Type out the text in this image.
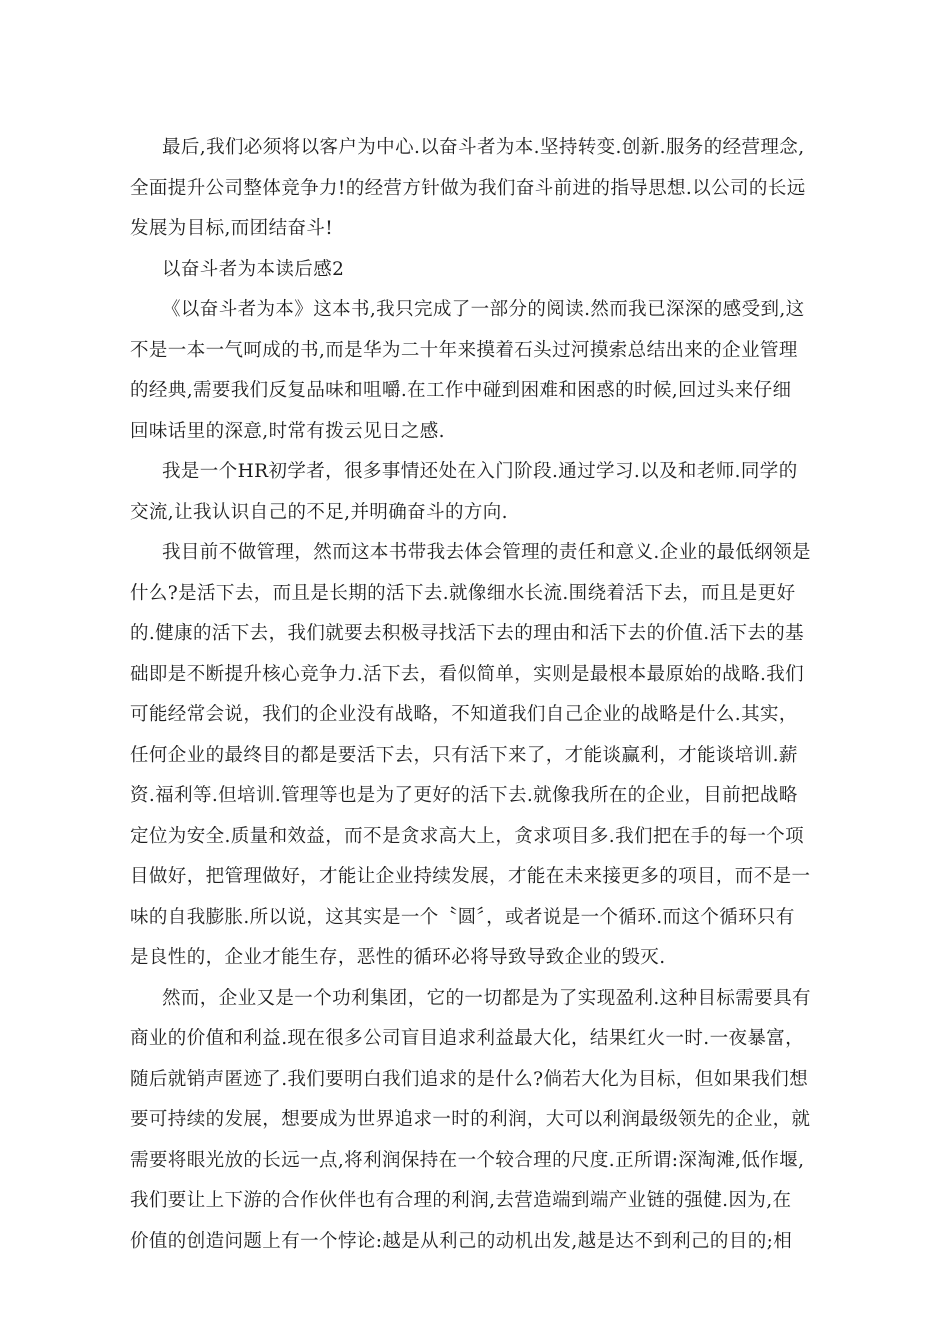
最后,我们必须将以客户为中心.以奋斗者为本.坚持转变.创新.服务的经营理念,
全面提升公司整体竞争力!的经营方针做为我们奋斗前进的指导思想.以公司的长远
发展为目标,而团结奋斗!
以奋斗者为本读后感2
《以奋斗者为本》这本书,我只完成了一部分的阅读.然而我已深深的感受到,这
不是一本一气呵成的书,而是华为二十年来摸着石头过河摸索总结出来的企业管理
的经典,需要我们反复品味和咀嚼.在工作中碰到困难和困惑的时候,回过头来仔细
回味话里的深意,时常有拨云见日之感.
我是一个HR初学者，很多事情还处在入门阶段.通过学习.以及和老师.同学的
交流,让我认识自己的不足,并明确奋斗的方向.
我目前不做管理，然而这本书带我去体会管理的责任和意义.企业的最低纲领是
什么?是活下去，而且是长期的活下去.就像细水长流.围绕着活下去，而且是更好
的.健康的活下去，我们就要去积极寻找活下去的理由和活下去的价值.活下去的基
础即是不断提升核心竞争力.活下去，看似简单，实则是最根本最原始的战略.我们
可能经常会说，我们的企业没有战略，不知道我们自己企业的战略是什么.其实，
任何企业的最终目的都是要活下去，只有活下来了，才能谈赢利，才能谈培训.薪
资.福利等.但培训.管理等也是为了更好的活下去.就像我所在的企业，目前把战略
定位为安全.质量和效益，而不是贪求高大上，贪求项目多.我们把在手的每一个项
目做好，把管理做好，才能让企业持续发展，才能在未来接更多的项目，而不是一
味的自我膨胀.所以说，这其实是一个〝圆〞，或者说是一个循环.而这个循环只有
是良性的，企业才能生存，恶性的循环必将导致导致企业的毁灭.
然而，企业又是一个功利集团，它的一切都是为了实现盈利.这种目标需要具有
商业的价值和利益.现在很多公司盲目追求利益最大化，结果红火一时.一夜暴富，
随后就销声匿迹了.我们要明白我们追求的是什么?倘若大化为目标，但如果我们想
要可持续的发展，想要成为世界追求一时的利润，大可以利润最级领先的企业，就
需要将眼光放的长远一点,将利润保持在一个较合理的尺度.正所谓:深淘滩,低作堰,
我们要让上下游的合作伙伴也有合理的利润,去营造端到端产业链的强健.因为,在
价值的创造问题上有一个悖论:越是从利己的动机出发,越是达不到利己的目的;相
